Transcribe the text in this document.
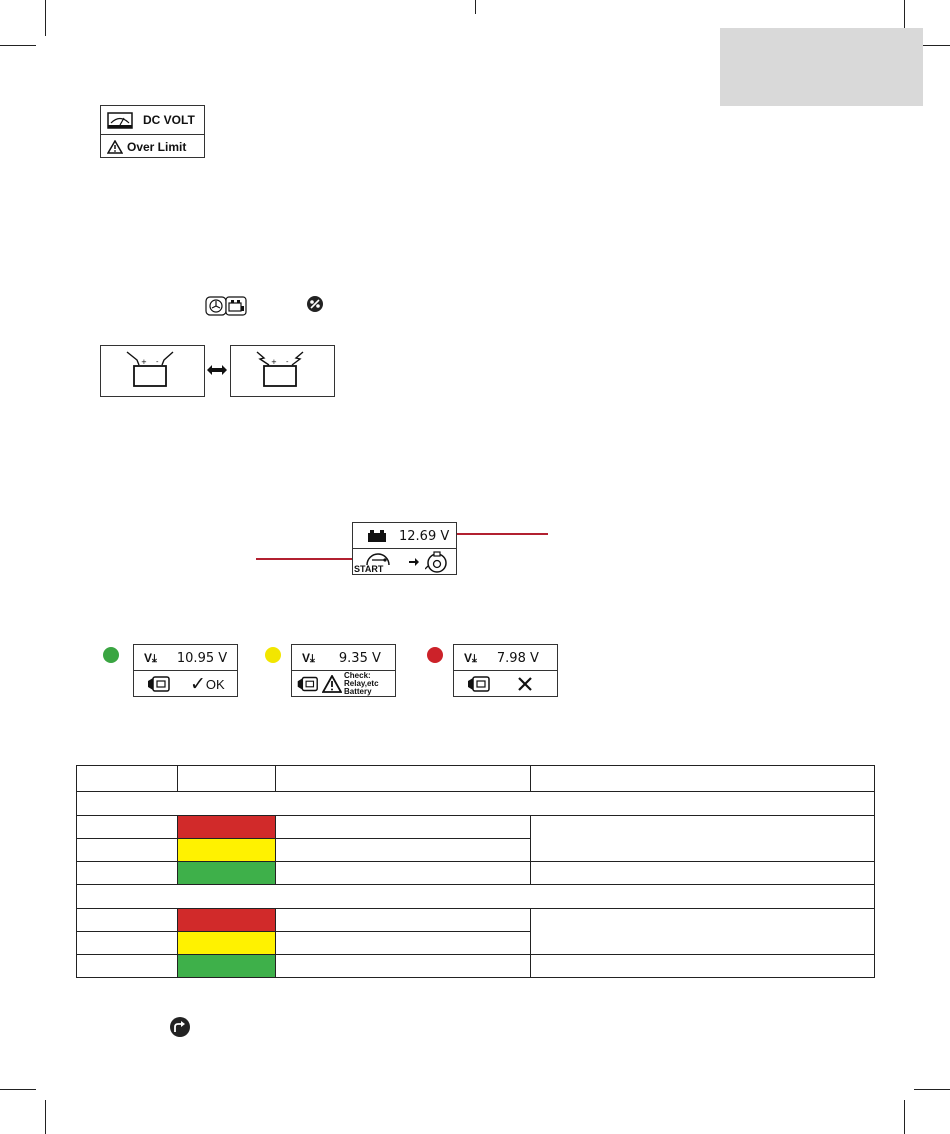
DC VOLT
Over Limit
+ -	+ -
12.69 V
START
V⤓ 10.95 V
✓ OK
V⤓ 9.35 V
Check:
Relay,etc
Battery
V⤓ 7.98 V
